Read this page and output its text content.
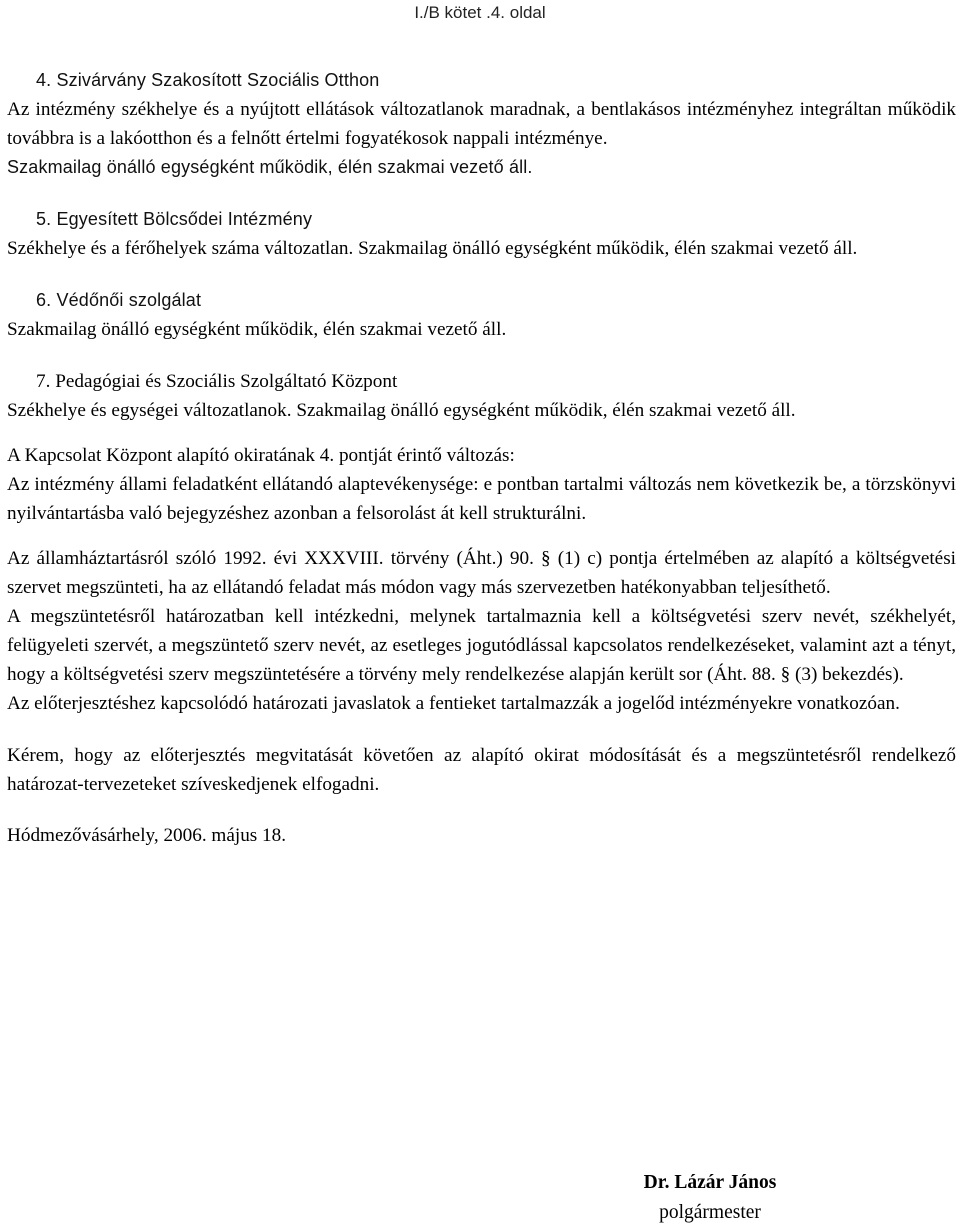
I./B kötet .4. oldal

4. Szivárvány Szakosított Szociális Otthon

Az intézmény székhelye és a nyújtott ellátások változatlanok maradnak, a bentlakásos intézményhez integráltan működik továbbra is a lakóotthon és a felnőtt értelmi fogyatékosok nappali intézménye.

Szakmailag önálló egységként működik, élén szakmai vezető áll.

5. Egyesített Bölcsődei Intézmény

Székhelye és a férőhelyek száma változatlan. Szakmailag önálló egységként működik, élén szakmai vezető áll.

6. Védőnői szolgálat

Szakmailag önálló egységként működik, élén szakmai vezető áll.

7. Pedagógiai és Szociális Szolgáltató Központ

Székhelye és egységei változatlanok. Szakmailag önálló egységként működik, élén szakmai vezető áll.

A Kapcsolat Központ alapító okiratának 4. pontját érintő változás:

Az intézmény állami feladatként ellátandó alaptevékenysége: e pontban tartalmi változás nem következik be, a törzskönyvi nyilvántartásba való bejegyzéshez azonban a felsorolást át kell strukturálni.

Az államháztartásról szóló 1992. évi XXXVIII. törvény (Áht.) 90. § (1) c) pontja értelmében az alapító a költségvetési szervet megszünteti, ha az ellátandó feladat más módon vagy más szervezetben hatékonyabban teljesíthető.

A megszüntetésről határozatban kell intézkedni, melynek tartalmaznia kell a költségvetési szerv nevét, székhelyét, felügyeleti szervét, a megszüntető szerv nevét, az esetleges jogutódlással kapcsolatos rendelkezéseket, valamint azt a tényt, hogy a költségvetési szerv megszüntetésére a törvény mely rendelkezése alapján került sor (Áht. 88. § (3) bekezdés).

Az előterjesztéshez kapcsolódó határozati javaslatok a fentieket tartalmazzák a jogelőd intézményekre vonatkozóan.

Kérem, hogy az előterjesztés megvitatását követően az alapító okirat módosítását és a megszüntetésről rendelkező határozat-tervezeteket szíveskedjenek elfogadni.

Hódmezővásárhely, 2006. május 18.

Dr. Lázár János
polgármester
